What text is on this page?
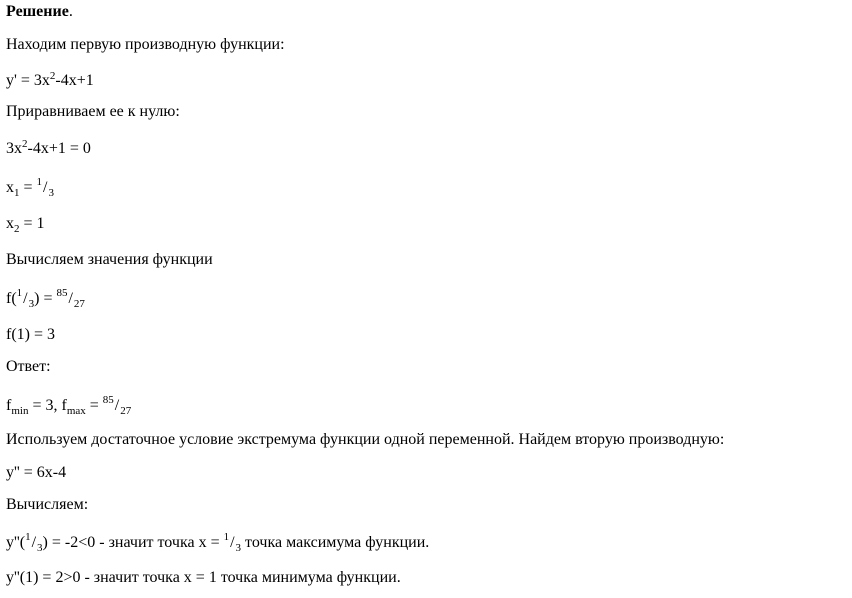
Решение.
Находим первую производную функции:
$y' = 3x^2-4x+1$
Приравниваем ее к нулю:
$3x^2-4x+1 = 0$
$x_1 = ^1/_3$
$x_2 = 1$
Вычисляем значения функции
$f(^1/_3) = ^{85}/_{27}$
f(1) = 3
Ответ:
$f_{min} = 3$, $f_{max} = ^{85}/_{27}$
Используем достаточное условие экстремума функции одной переменной. Найдем вторую производную:
y'' = 6x-4
Вычисляем:
$y''(^1/_3) = -2<0$ - значит точка $x = ^1/_3$ точка максимума функции.
y''(1) = 2>0 - значит точка x = 1 точка минимума функции.
